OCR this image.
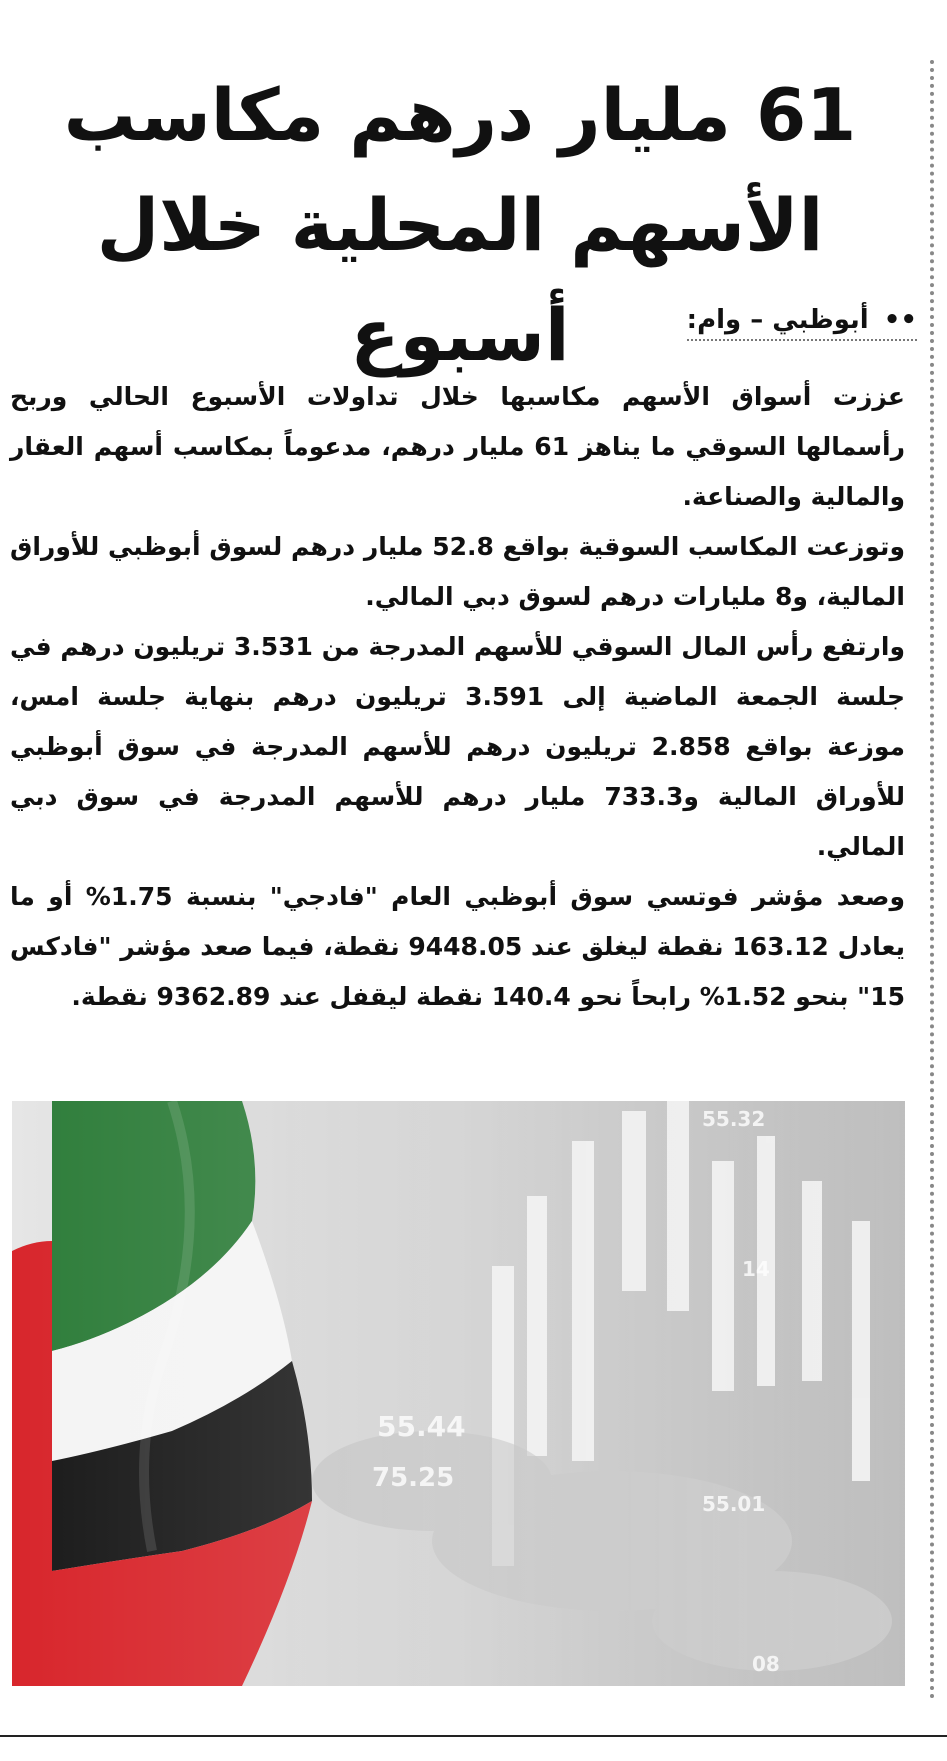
61 مليار درهم مكاسب
الأسهم المحلية خلال أسبوع	•• أبوظبي – وام:

عززت أسواق الأسهم مكاسبها خلال تداولات الأسبوع الحالي وربح رأسمالها السوقي ما يناهز 61 مليار درهم، مدعوماً بمكاسب أسهم العقار والمالية والصناعة.

وتوزعت المكاسب السوقية بواقع 52.8 مليار درهم لسوق أبوظبي للأوراق المالية، و8 مليارات درهم لسوق دبي المالي.

وارتفع رأس المال السوقي للأسهم المدرجة من 3.531 تريليون درهم في جلسة الجمعة الماضية إلى 3.591 تريليون درهم بنهاية جلسة امس، موزعة بواقع 2.858 تريليون درهم للأسهم المدرجة في سوق أبوظبي للأوراق المالية و733.3 مليار درهم للأسهم المدرجة في سوق دبي المالي.

وصعد مؤشر فوتسي سوق أبوظبي العام "فادجي" بنسبة 1.75% أو ما يعادل 163.12 نقطة ليغلق عند 9448.05 نقطة، فيما صعد مؤشر "فادكس 15" بنحو 1.52% رابحاً نحو 140.4 نقطة ليقفل عند 9362.89 نقطة.
